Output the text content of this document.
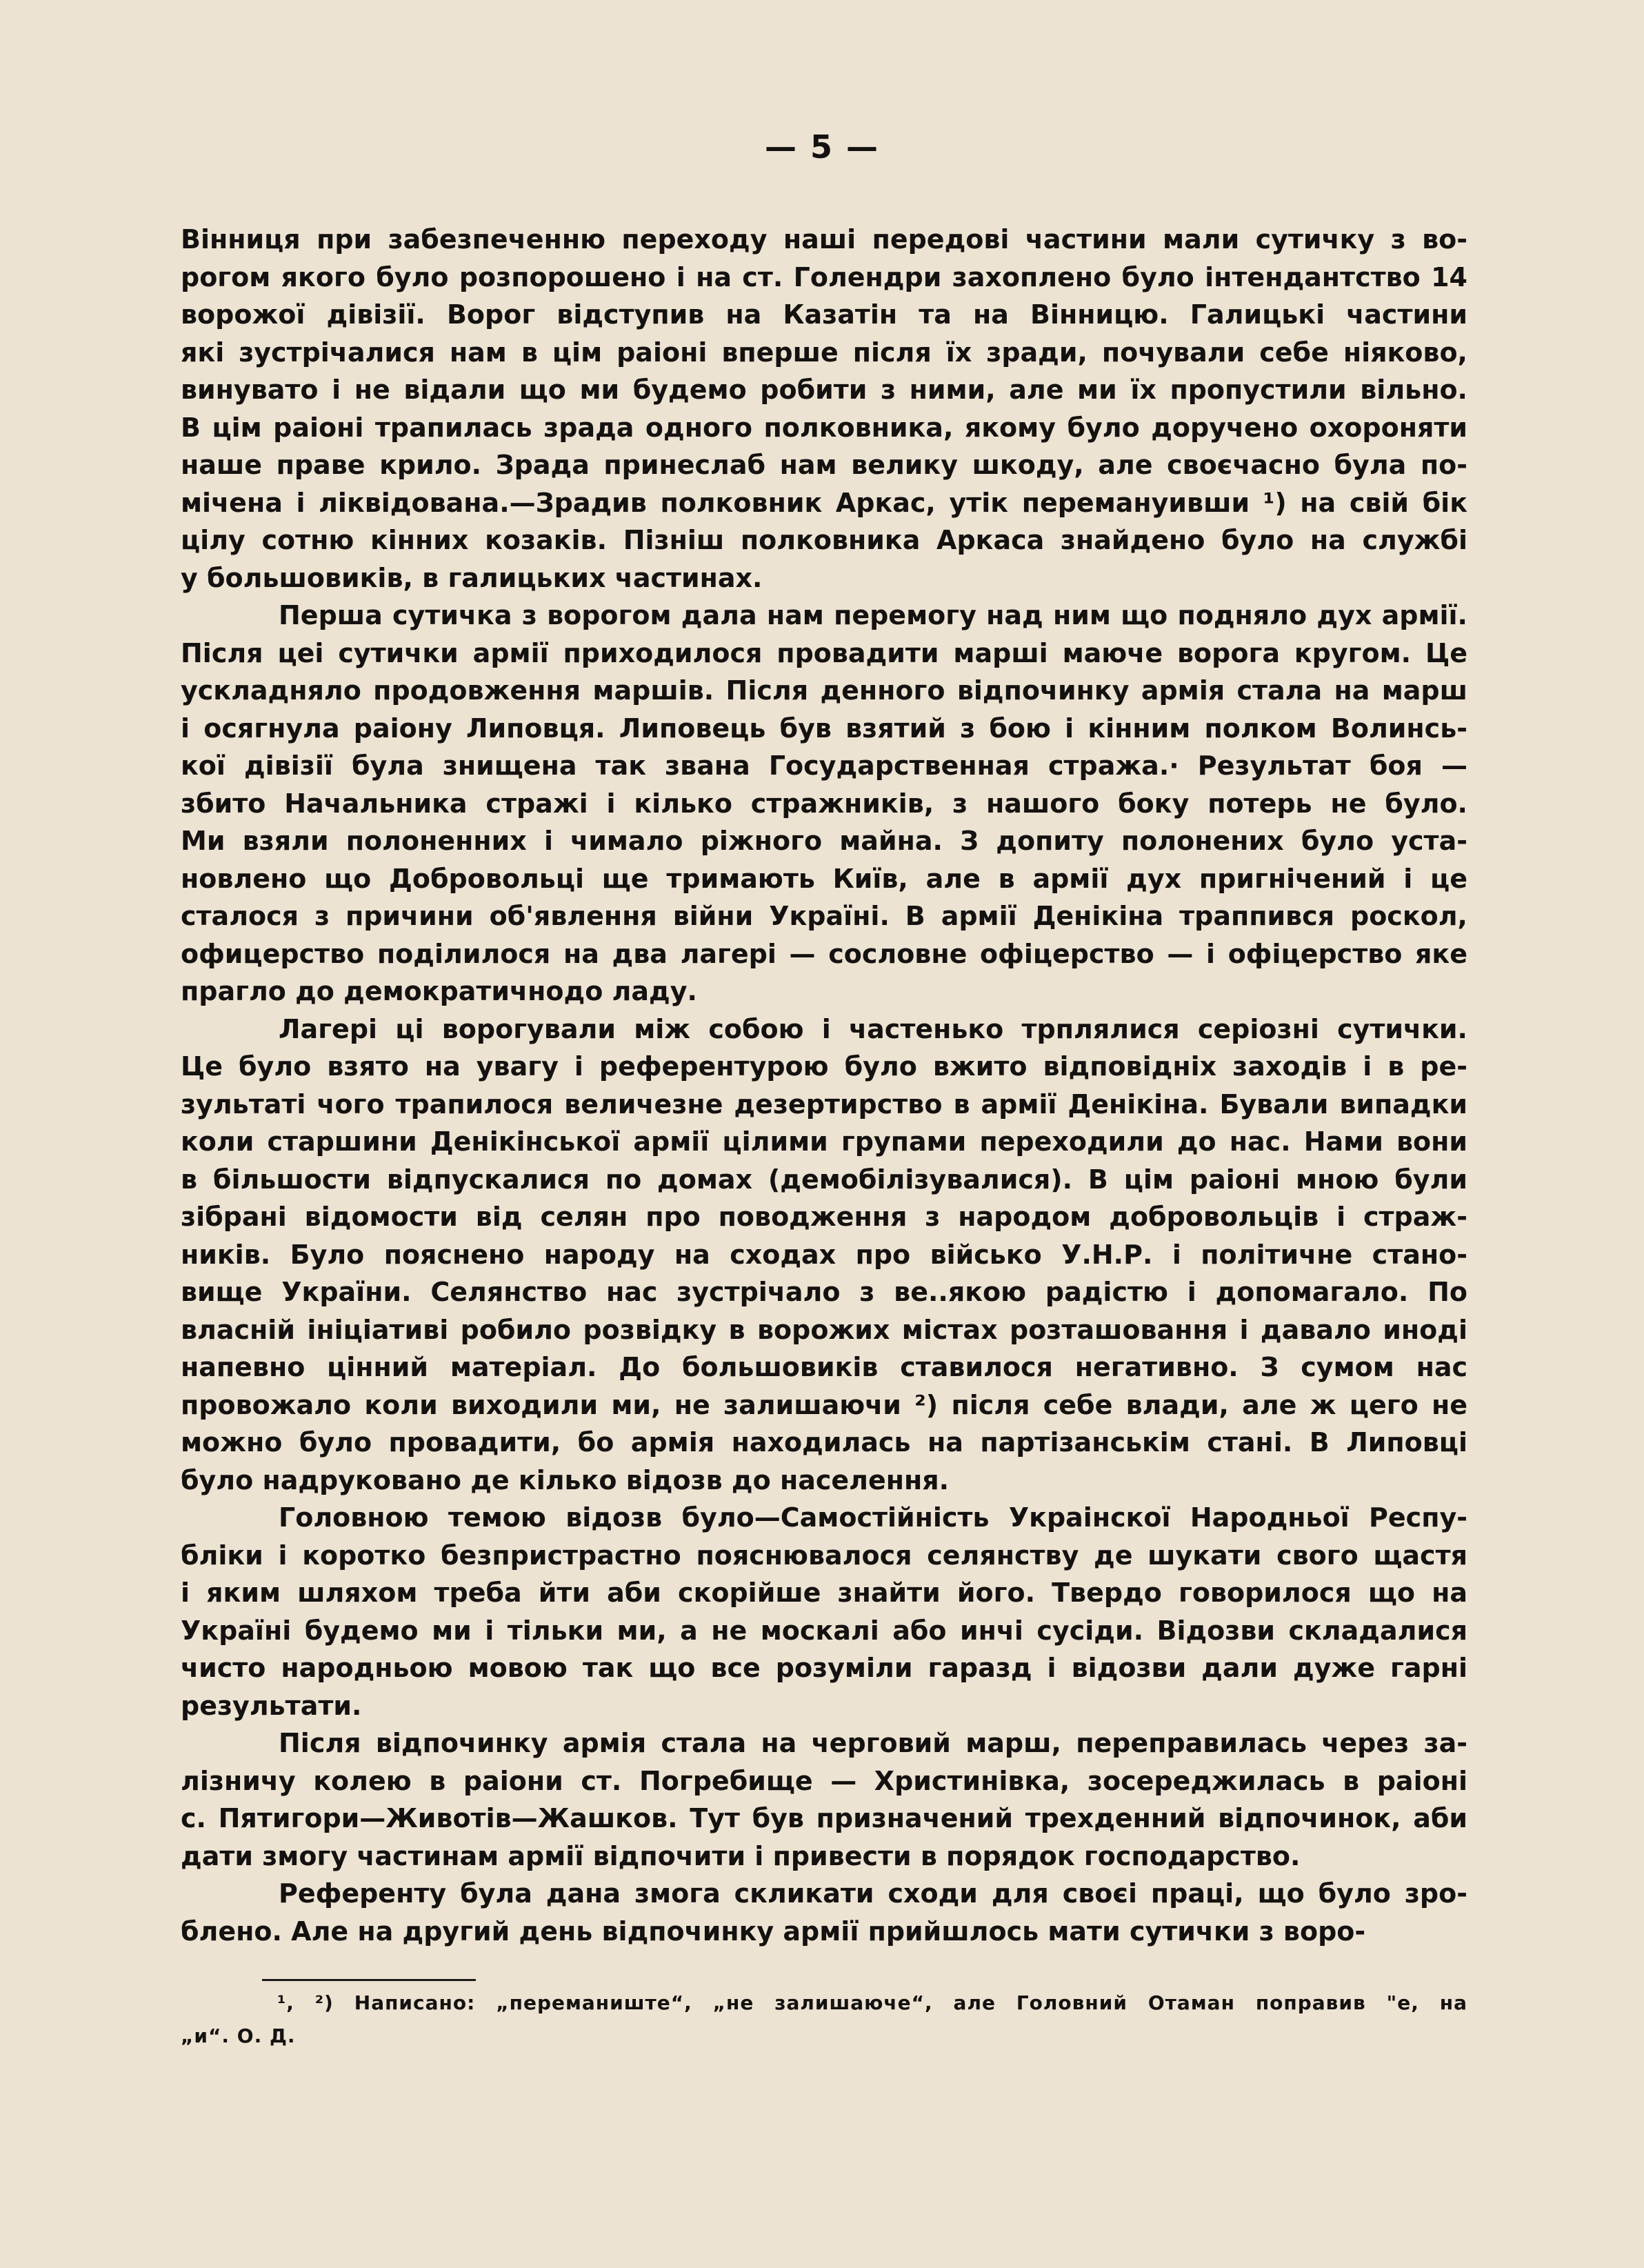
— 5 —
Вінниця при забезпеченню переходу наші передові частини мали сутичку з во-
рогом якого було розпорошено і на ст. Голендри захоплено було інтендантство 14
ворожої дівізії. Ворог відступив на Казатін та на Вінницю. Галицькі частини
які зустрічалися нам в цім раіоні вперше після їх зради, почували себе ніяково,
винувато і не відали що ми будемо робити з ними, але ми їх пропустили вільно.
В цім раіоні трапилась зрада одного полковника, якому було доручено охороняти
наше праве крило. Зрада принеслаб нам велику шкоду, але своєчасно була по-
мічена і ліквідована.—Зрадив полковник Аркас, утік перемануивши ¹) на свій бік
цілу сотню кінних козаків. Пізніш полковника Аркаса знайдено було на службі
у большовиків, в галицьких частинах.
Перша сутичка з ворогом дала нам перемогу над ним що подняло дух армії.
Після цеі сутички армії приходилося провадити марші маюче ворога кругом. Це
ускладняло продовження маршів. Після денного відпочинку армія стала на марш
і осягнула раіону Липовця. Липовець був взятий з бою і кінним полком Волинсь-
кої дівізії була знищена так звана Государственная стража.· Результат боя —
збито Начальника стражі і кілько стражників, з нашого боку потерь не було.
Ми взяли полоненних і чимало ріжного майна. З допиту полонених було уста-
новлено що Добровольці ще тримають Київ, але в армії дух пригнічений і це
сталося з причини об'явлення війни Україні. В армії Денікіна траппився роскол,
офицерство поділилося на два лагері — сословне офіцерство — і офіцерство яке
прагло до демократичнодо ладу.
Лагері ці ворогували між собою і частенько трплялися серіозні сутички.
Це було взято на увагу і референтурою було вжито відповідніх заходів і в ре-
зультаті чого трапилося величезне дезертирство в армії Денікіна. Бували випадки
коли старшини Денікінської армії цілими групами переходили до нас. Нами вони
в більшости відпускалися по домах (демобілізувалися). В цім раіоні мною були
зібрані відомости від селян про поводження з народом добровольців і страж-
ників. Було пояснено народу на сходах про військо У.Н.Р. і політичне стано-
вище України. Селянство нас зустрічало з ве..якою радістю і допомагало. По
власній ініціативі робило розвідку в ворожих містах розташовання і давало иноді
напевно цінний матеріал. До большовиків ставилося негативно. З сумом нас
провожало коли виходили ми, не залишаючи ²) після себе влади, але ж цего не
можно було провадити, бо армія находилась на партізанськім стані. В Липовці
було надруковано де кілько відозв до населення.
Головною темою відозв було—Самостійність Украінскої Народньої Респу-
бліки і коротко безпристрастно пояснювалося селянству де шукати свого щастя
і яким шляхом треба йти аби скорійше знайти його. Твердо говорилося що на
Україні будемо ми і тільки ми, а не москалі або инчі сусіди. Відозви складалися
чисто народньою мовою так що все розуміли гаразд і відозви дали дуже гарні
результати.
Після відпочинку армія стала на черговий марш, переправилась через за-
лізничу колею в раіони ст. Погребище — Христинівка, зосереджилась в раіоні
с. Пятигори—Животів—Жашков. Тут був призначений трехденний відпочинок, аби
дати змогу частинам армії відпочити і привести в порядок господарство.
Референту була дана змога скликати сходи для своєі праці, що було зро-
блено. Але на другий день відпочинку армії прийшлось мати сутички з воро-
¹, ²) Написано: „переманиште“, „не залишаюче“, але Головний Отаман поправив "е, на
„и“. О. Д.
